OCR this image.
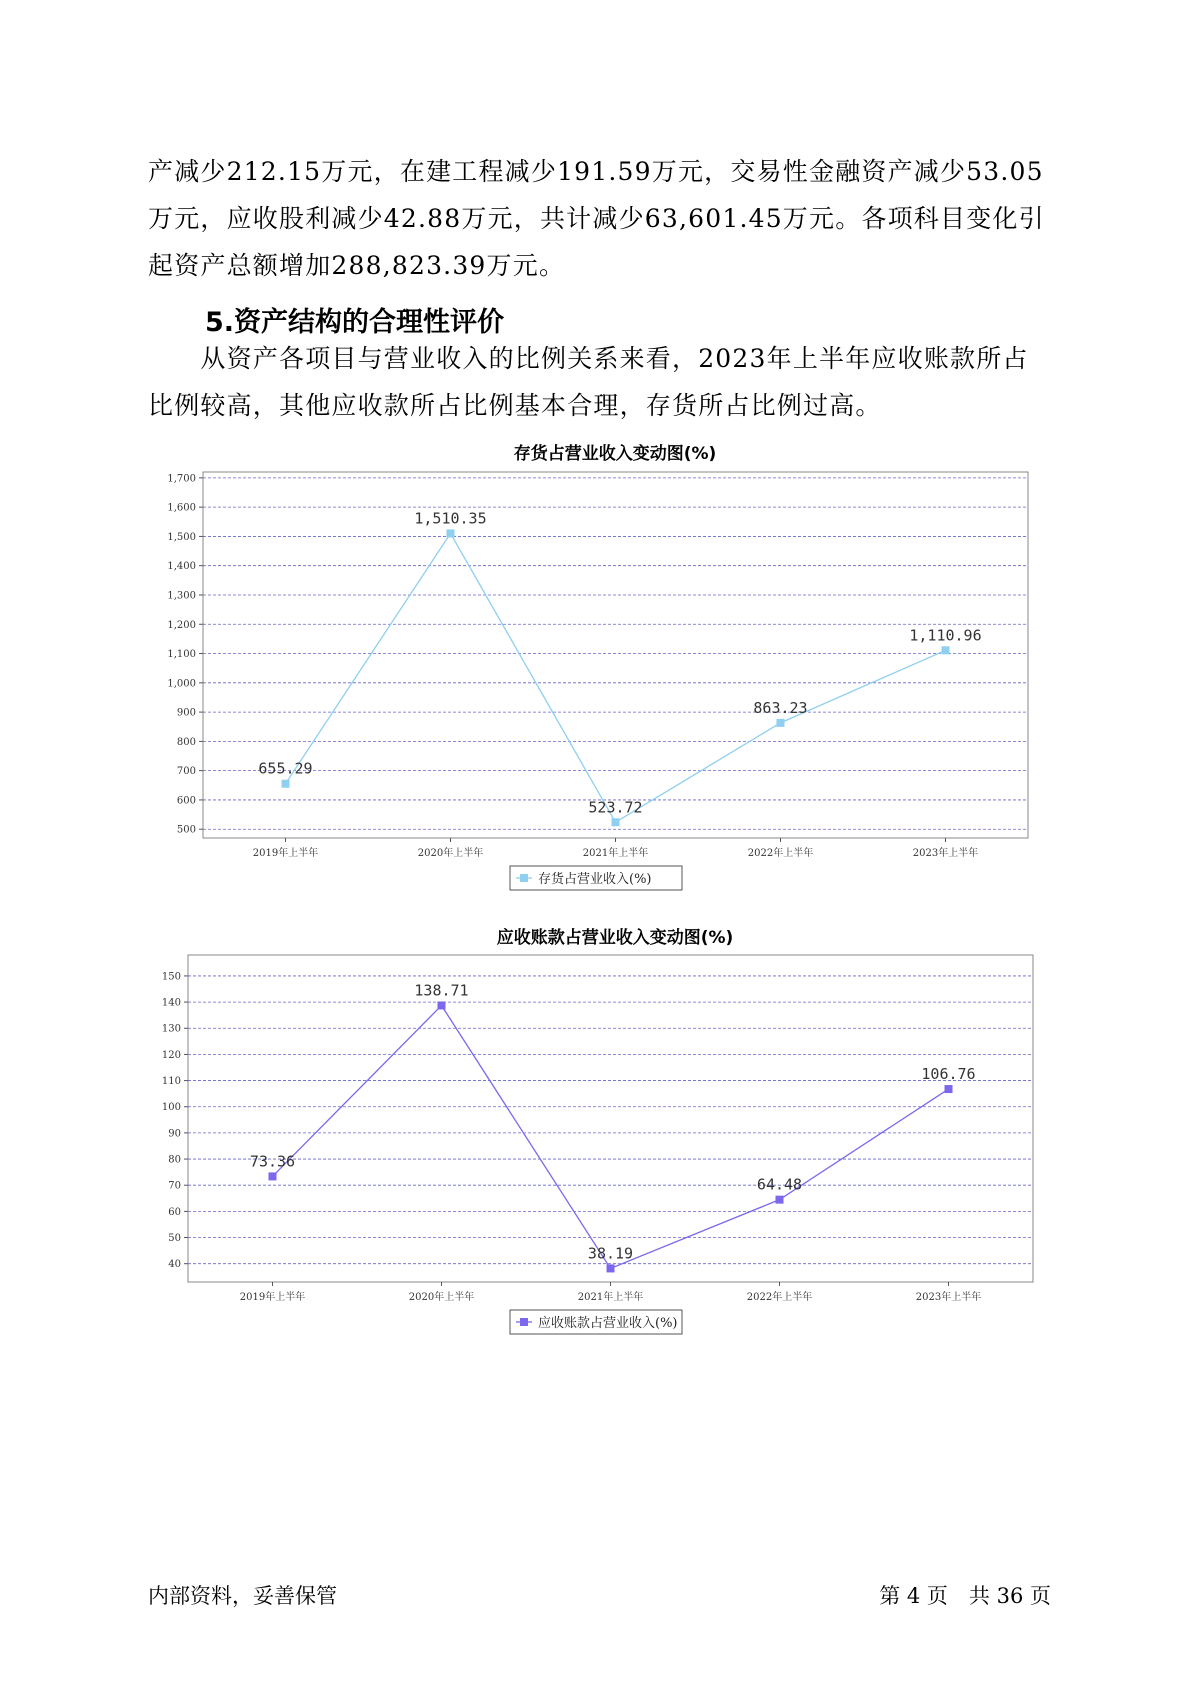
产减少212.15万元，在建工程减少191.59万元，交易性金融资产减少53.05万元，应收股利减少42.88万元，共计减少63,601.45万元。各项科目变化引起资产总额增加288,823.39万元。

5.资产结构的合理性评价

　　从资产各项目与营业收入的比例关系来看，2023年上半年应收账款所占比例较高，其他应收款所占比例基本合理，存货所占比例过高。

存货占营业收入变动图(%)
500
600
700
800
900
1,000
1,100
1,200
1,300
1,400
1,500
1,600
1,700
2019年上半年	2020年上半年	2021年上半年	2022年上半年	2023年上半年
655.29
1,510.35
523.72
863.23
1,110.96
存货占营业收入(%)
应收账款占营业收入变动图(%)
40
50
60
70
80
90
100
110
120
130
140
150
2019年上半年	2020年上半年	2021年上半年	2022年上半年	2023年上半年
73.36
138.71
38.19
64.48
106.76
应收账款占营业收入(%)
内部资料，妥善保管	第 4 页　共 36 页
